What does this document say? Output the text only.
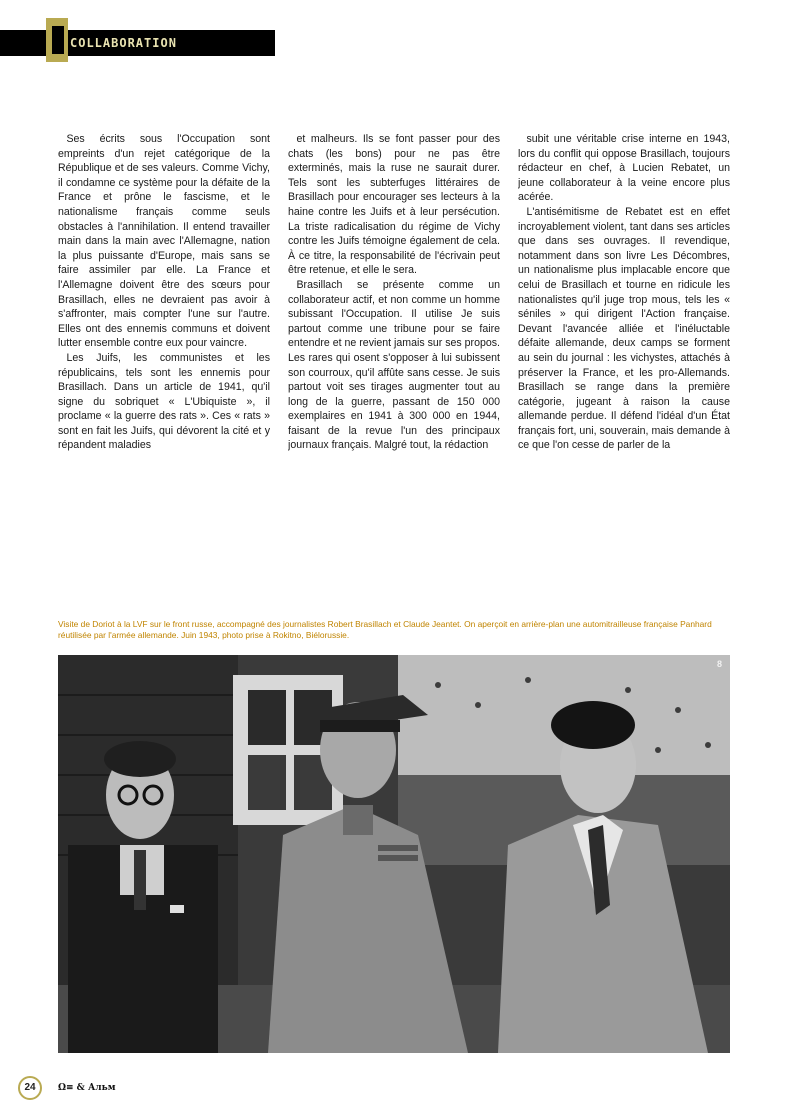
COLLABORATION

Ses écrits sous l'Occupation sont empreints d'un rejet catégorique de la République et de ses valeurs. Comme Vichy, il condamne ce système pour la défaite de la France et prône le fascisme, et le nationalisme français comme seuls obstacles à l'annihilation. Il entend travailler main dans la main avec l'Allemagne, nation la plus puissante d'Europe, mais sans se faire assimiler par elle. La France et l'Allemagne doivent être des sœurs pour Brasillach, elles ne devraient pas avoir à s'affronter, mais compter l'une sur l'autre. Elles ont des ennemis communs et doivent lutter ensemble contre eux pour vaincre.

Les Juifs, les communistes et les républicains, tels sont les ennemis pour Brasillach. Dans un article de 1941, qu'il signe du sobriquet « L'Ubiquiste », il proclame « la guerre des rats ». Ces « rats » sont en fait les Juifs, qui dévorent la cité et y répandent maladies

et malheurs. Ils se font passer pour des chats (les bons) pour ne pas être exterminés, mais la ruse ne saurait durer. Tels sont les subterfuges littéraires de Brasillach pour encourager ses lecteurs à la haine contre les Juifs et à leur persécution. La triste radicalisation du régime de Vichy contre les Juifs témoigne également de cela. À ce titre, la responsabilité de l'écrivain peut être retenue, et elle le sera.

Brasillach se présente comme un collaborateur actif, et non comme un homme subissant l'Occupation. Il utilise Je suis partout comme une tribune pour se faire entendre et ne revient jamais sur ses propos. Les rares qui osent s'opposer à lui subissent son courroux, qu'il affûte sans cesse. Je suis partout voit ses tirages augmenter tout au long de la guerre, passant de 150 000 exemplaires en 1941 à 300 000 en 1944, faisant de la revue l'un des principaux journaux français. Malgré tout, la rédaction

subit une véritable crise interne en 1943, lors du conflit qui oppose Brasillach, toujours rédacteur en chef, à Lucien Rebatet, un jeune collaborateur à la veine encore plus acérée.

L'antisémitisme de Rebatet est en effet incroyablement violent, tant dans ses articles que dans ses ouvrages. Il revendique, notamment dans son livre Les Décombres, un nationalisme plus implacable encore que celui de Brasillach et tourne en ridicule les nationalistes qu'il juge trop mous, tels les « séniles » qui dirigent l'Action française. Devant l'avancée alliée et l'inéluctable défaite allemande, deux camps se forment au sein du journal : les vichystes, attachés à préserver la France, et les pro-Allemands. Brasillach se range dans la première catégorie, jugeant à raison la cause allemande perdue. Il défend l'idéal d'un État français fort, uni, souverain, mais demande à ce que l'on cesse de parler de la

Visite de Doriot à la LVF sur le front russe, accompagné des journalistes Robert Brasillach et Claude Jeantet. On aperçoit en arrière-plan une automitrailleuse française Panhard réutilisée par l'armée allemande. Juin 1943, photo prise à Rokitno, Biélorussie.
8
24	Ω≡ & Альм
